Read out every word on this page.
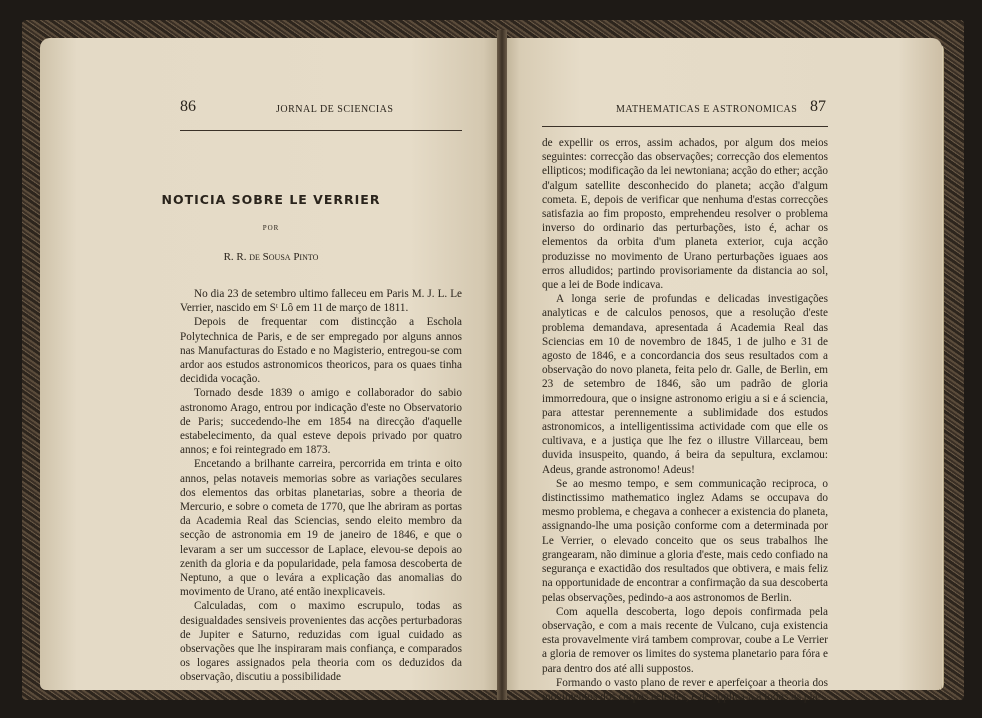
86	JORNAL DE SCIENCIAS
NOTICIA SOBRE LE VERRIER
POR
R. R. de Sousa Pinto

No dia 23 de setembro ultimo falleceu em Paris M. J. L. Le Verrier, nascido em Sᵗ Lô em 11 de março de 1811.

Depois de frequentar com distincção a Eschola Polytechnica de Paris, e de ser empregado por alguns annos nas Manufacturas do Estado e no Magisterio, entregou-se com ardor aos estudos astronomicos theoricos, para os quaes tinha decidida vocação.

Tornado desde 1839 o amigo e collaborador do sabio astronomo Arago, entrou por indicação d'este no Observatorio de Paris; succedendo-lhe em 1854 na direcção d'aquelle estabelecimento, da qual esteve depois privado por quatro annos; e foi reintegrado em 1873.

Encetando a brilhante carreira, percorrida em trinta e oito annos, pelas notaveis memorias sobre as variações seculares dos elementos das orbitas planetarias, sobre a theoria de Mercurio, e sobre o cometa de 1770, que lhe abriram as portas da Academia Real das Sciencias, sendo eleito membro da secção de astronomia em 19 de janeiro de 1846, e que o levaram a ser um successor de Laplace, elevou-se depois ao zenith da gloria e da popularidade, pela famosa descoberta de Neptuno, a que o levára a explicação das anomalias do movimento de Urano, até então inexplicaveis.

Calculadas, com o maximo escrupulo, todas as desigualdades sensiveis provenientes das acções perturbadoras de Jupiter e Saturno, reduzidas com igual cuidado as observações que lhe inspiraram mais confiança, e comparados os logares assignados pela theoria com os deduzidos da observação, discutiu a possibilidade

MATHEMATICAS E ASTRONOMICAS 87

de expellir os erros, assim achados, por algum dos meios seguintes: correcção das observações; correcção dos elementos ellipticos; modificação da lei newtoniana; acção do ether; acção d'algum satellite desconhecido do planeta; acção d'algum cometa. E, depois de verificar que nenhuma d'estas correcções satisfazia ao fim proposto, emprehendeu resolver o problema inverso do ordinario das perturbações, isto é, achar os elementos da orbita d'um planeta exterior, cuja acção produzisse no movimento de Urano perturbações iguaes aos erros alludidos; partindo provisoriamente da distancia ao sol, que a lei de Bode indicava.

A longa serie de profundas e delicadas investigações analyticas e de calculos penosos, que a resolução d'este problema demandava, apresentada á Academia Real das Sciencias em 10 de novembro de 1845, 1 de julho e 31 de agosto de 1846, e a concordancia dos seus resultados com a observação do novo planeta, feita pelo dr. Galle, de Berlin, em 23 de setembro de 1846, são um padrão de gloria immorredoura, que o insigne astronomo erigiu a si e á sciencia, para attestar perennemente a sublimidade dos estudos astronomicos, a intelligentissima actividade com que elle os cultivava, e a justiça que lhe fez o illustre Villarceau, bem duvida insuspeito, quando, á beira da sepultura, exclamou: Adeus, grande astronomo! Adeus!

Se ao mesmo tempo, e sem communicação reciproca, o distinctissimo mathematico inglez Adams se occupava do mesmo problema, e chegava a conhecer a existencia do planeta, assignando-lhe uma posição conforme com a determinada por Le Verrier, o elevado conceito que os seus trabalhos lhe grangearam, não diminue a gloria d'este, mais cedo confiado na segurança e exactidão dos resultados que obtivera, e mais feliz na opportunidade de encontrar a confirmação da sua descoberta pelas observações, pedindo-a aos astronomos de Berlin.

Com aquella descoberta, logo depois confirmada pela observação, e com a mais recente de Vulcano, cuja existencia esta provavelmente virá tambem comprovar, coube a Le Verrier a gloria de remover os limites do systema planetario para fóra e para dentro dos até alli suppostos.

Formando o vasto plano de rever e aperfeiçoar a theoria dos movimentos dos corpos celestes, e de applica-a a todos os pla-
